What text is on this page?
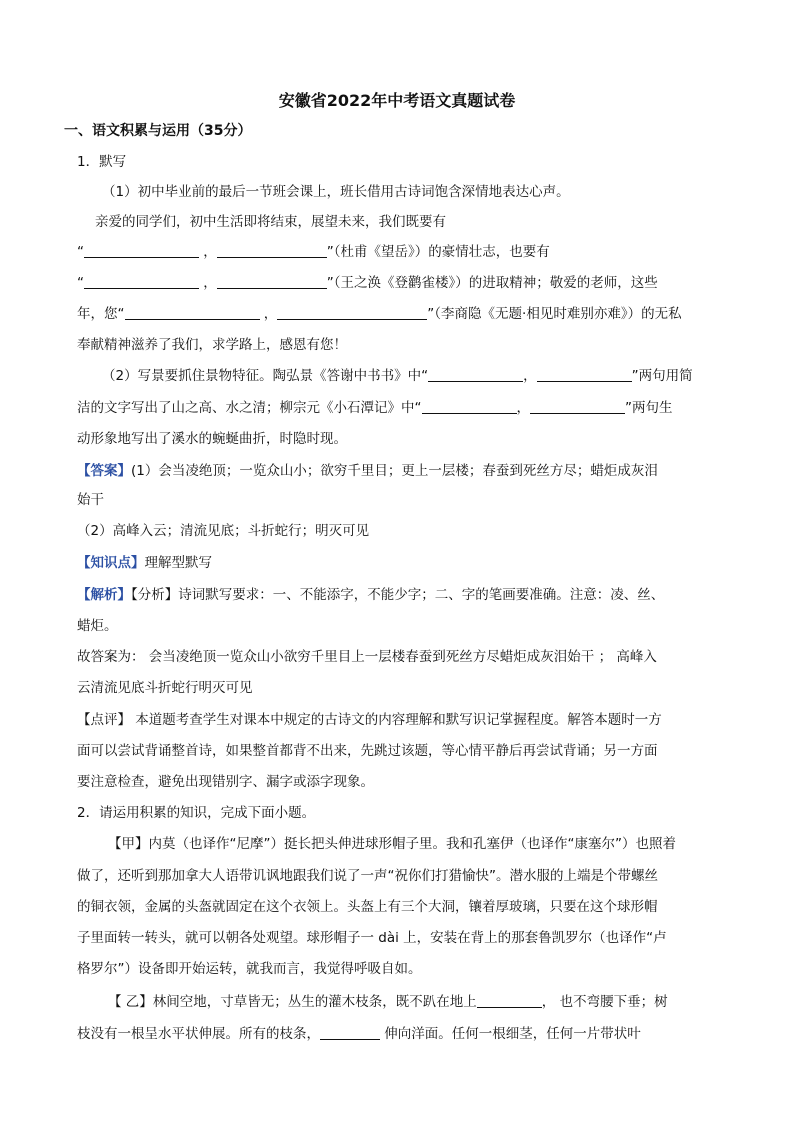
安徽省2022年中考语文真题试卷
一、语文积累与运用（35分）
1．默写
（1）初中毕业前的最后一节班会课上，班长借用古诗词饱含深情地表达心声。
亲爱的同学们，初中生活即将结束，展望未来，我们既要有
“	，	”（杜甫《望岳》）的豪情壮志，也要有
“	，	”（王之涣《登鹳雀楼》）的进取精神；敬爱的老师，这些
年，您“	，	”（李商隐《无题·相见时难别亦难》）的无私
奉献精神滋养了我们，求学路上，感恩有您！
（2）写景要抓住景物特征。陶弘景《答谢中书书》中“	，	”两句用简
洁的文字写出了山之高、水之清；柳宗元《小石潭记》中“	，	”两句生
动形象地写出了溪水的蜿蜒曲折，时隐时现。
【答案】(1）会当凌绝顶；一览众山小；欲穷千里目；更上一层楼；春蚕到死丝方尽；蜡炬成灰泪
始干
（2）高峰入云；清流见底；斗折蛇行；明灭可见
【知识点】理解型默写
【解析】【分析】诗词默写要求：一、不能添字，不能少字；二、字的笔画要准确。注意：凌、丝、
蜡炬。
故答案为： 会当凌绝顶一览众山小欲穷千里目上一层楼春蚕到死丝方尽蜡炬成灰泪始干 ； 高峰入
云清流见底斗折蛇行明灭可见
【点评】 本道题考查学生对课本中规定的古诗文的内容理解和默写识记掌握程度。解答本题时一方
面可以尝试背诵整首诗，如果整首都背不出来，先跳过该题，等心情平静后再尝试背诵；另一方面
要注意检查，避免出现错别字、漏字或添字现象。
2．请运用积累的知识，完成下面小题。
【甲】内莫（也译作“尼摩”）挺长把头伸进球形帽子里。我和孔塞伊（也译作“康塞尔”）也照着
做了，还听到那加拿大人语带讥讽地跟我们说了一声“祝你们打猎愉快”。潜水服的上端是个带螺丝
的铜衣领，金属的头盔就固定在这个衣领上。头盔上有三个大洞，镶着厚玻璃，只要在这个球形帽
子里面转一转头，就可以朝各处观望。球形帽子一 dài 上，安装在背上的那套鲁凯罗尔（也译作“卢
格罗尔”）设备即开始运转，就我而言，我觉得呼吸自如。
【 乙】林间空地，寸草皆无；丛生的灌木枝条，既不趴在地上	， 也不弯腰下垂；树
枝没有一根呈水平状伸展。所有的枝条，	伸向洋面。任何一根细茎，任何一片带状叶
